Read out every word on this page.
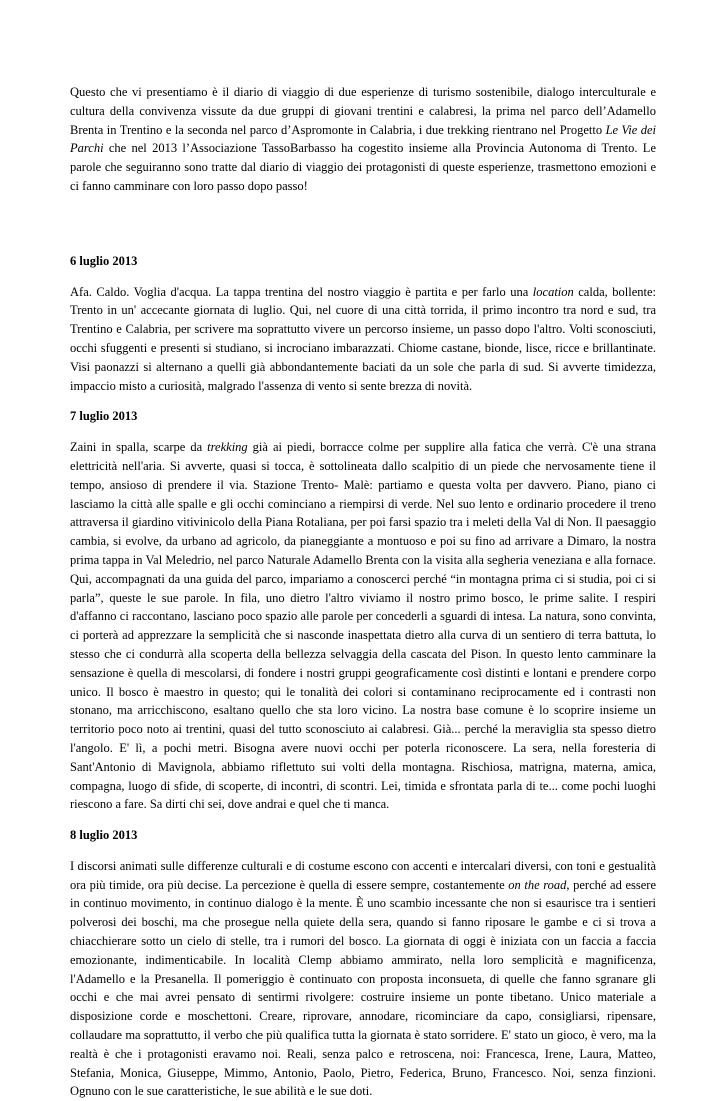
Questo che vi presentiamo è il diario di viaggio di due esperienze di turismo sostenibile, dialogo interculturale e cultura della convivenza vissute da due gruppi di giovani trentini e calabresi, la prima nel parco dell’Adamello Brenta in Trentino e la seconda nel parco d’Aspromonte in Calabria, i due trekking rientrano nel Progetto Le Vie dei Parchi che nel 2013 l’Associazione TassoBarbasso ha cogestito insieme alla Provincia Autonoma di Trento. Le parole che seguiranno sono tratte dal diario di viaggio dei protagonisti di queste esperienze, trasmettono emozioni e ci fanno camminare con loro passo dopo passo!

6 luglio 2013

Afa. Caldo. Voglia d'acqua. La tappa trentina del nostro viaggio è partita e per farlo una location calda, bollente: Trento in un' accecante giornata di luglio. Qui, nel cuore di una città torrida, il primo incontro tra nord e sud, tra Trentino e Calabria, per scrivere ma soprattutto vivere un percorso insieme, un passo dopo l'altro. Volti sconosciuti, occhi sfuggenti e presenti si studiano, si incrociano imbarazzati. Chiome castane, bionde, lisce, ricce e brillantinate. Visi paonazzi si alternano a quelli già abbondantemente baciati da un sole che parla di sud. Si avverte timidezza, impaccio misto a curiosità, malgrado l'assenza di vento si sente brezza di novità.

7 luglio 2013

Zaini in spalla, scarpe da trekking già ai piedi, borracce colme per supplire alla fatica che verrà. C'è una strana elettricità nell'aria. Si avverte, quasi si tocca, è sottolineata dallo scalpitio di un piede che nervosamente tiene il tempo, ansioso di prendere il via. Stazione Trento- Malè: partiamo e questa volta per davvero. Piano, piano ci lasciamo la città alle spalle e gli occhi cominciano a riempirsi di verde. Nel suo lento e ordinario procedere il treno attraversa il giardino vitivinicolo della Piana Rotaliana, per poi farsi spazio tra i meleti della Val di Non. Il paesaggio cambia, si evolve, da urbano ad agricolo, da pianeggiante a montuoso e poi su fino ad arrivare a Dimaro, la nostra prima tappa in Val Meledrio, nel parco Naturale Adamello Brenta con la visita alla segheria veneziana e alla fornace. Qui, accompagnati da una guida del parco, impariamo a conoscerci perché “in montagna prima ci si studia, poi ci si parla”, queste le sue parole. In fila, uno dietro l'altro viviamo il nostro primo bosco, le prime salite. I respiri d'affanno ci raccontano, lasciano poco spazio alle parole per concederli a sguardi di intesa. La natura, sono convinta, ci porterà ad apprezzare la semplicità che si nasconde inaspettata dietro alla curva di un sentiero di terra battuta, lo stesso che ci condurrà alla scoperta della bellezza selvaggia della cascata del Pison. In questo lento camminare la sensazione è quella di mescolarsi, di fondere i nostri gruppi geograficamente così distinti e lontani e prendere corpo unico. Il bosco è maestro in questo; qui le tonalità dei colori si contaminano reciprocamente ed i contrasti non stonano, ma arricchiscono, esaltano quello che sta loro vicino. La nostra base comune è lo scoprire insieme un territorio poco noto ai trentini, quasi del tutto sconosciuto ai calabresi. Già... perché la meraviglia sta spesso dietro l'angolo. E' lì, a pochi metri. Bisogna avere nuovi occhi per poterla riconoscere. La sera, nella foresteria di Sant'Antonio di Mavignola, abbiamo riflettuto sui volti della montagna. Rischiosa, matrigna, materna, amica, compagna, luogo di sfide, di scoperte, di incontri, di scontri. Lei, timida e sfrontata parla di te... come pochi luoghi riescono a fare. Sa dirti chi sei, dove andrai e quel che ti manca.

8 luglio 2013

I discorsi animati sulle differenze culturali e di costume escono con accenti e intercalari diversi, con toni e gestualità ora più timide, ora più decise. La percezione è quella di essere sempre, costantemente on the road, perché ad essere in continuo movimento, in continuo dialogo è la mente. È uno scambio incessante che non si esaurisce tra i sentieri polverosi dei boschi, ma che prosegue nella quiete della sera, quando si fanno riposare le gambe e ci si trova a chiacchierare sotto un cielo di stelle, tra i rumori del bosco. La giornata di oggi è iniziata con un faccia a faccia emozionante, indimenticabile. In località Clemp abbiamo ammirato, nella loro semplicità e magnificenza, l'Adamello e la Presanella. Il pomeriggio è continuato con proposta inconsueta, di quelle che fanno sgranare gli occhi e che mai avrei pensato di sentirmi rivolgere: costruire insieme un ponte tibetano. Unico materiale a disposizione corde e moschettoni. Creare, riprovare, annodare, ricominciare da capo, consigliarsi, ripensare, collaudare ma soprattutto, il verbo che più qualifica tutta la giornata è stato sorridere. E' stato un gioco, è vero, ma la realtà è che i protagonisti eravamo noi. Reali, senza palco e retroscena, noi: Francesca, Irene, Laura, Matteo, Stefania, Monica, Giuseppe, Mimmo, Antonio, Paolo, Pietro, Federica, Bruno, Francesco. Noi, senza finzioni. Ognuno con le sue caratteristiche, le sue abilità e le sue doti.
